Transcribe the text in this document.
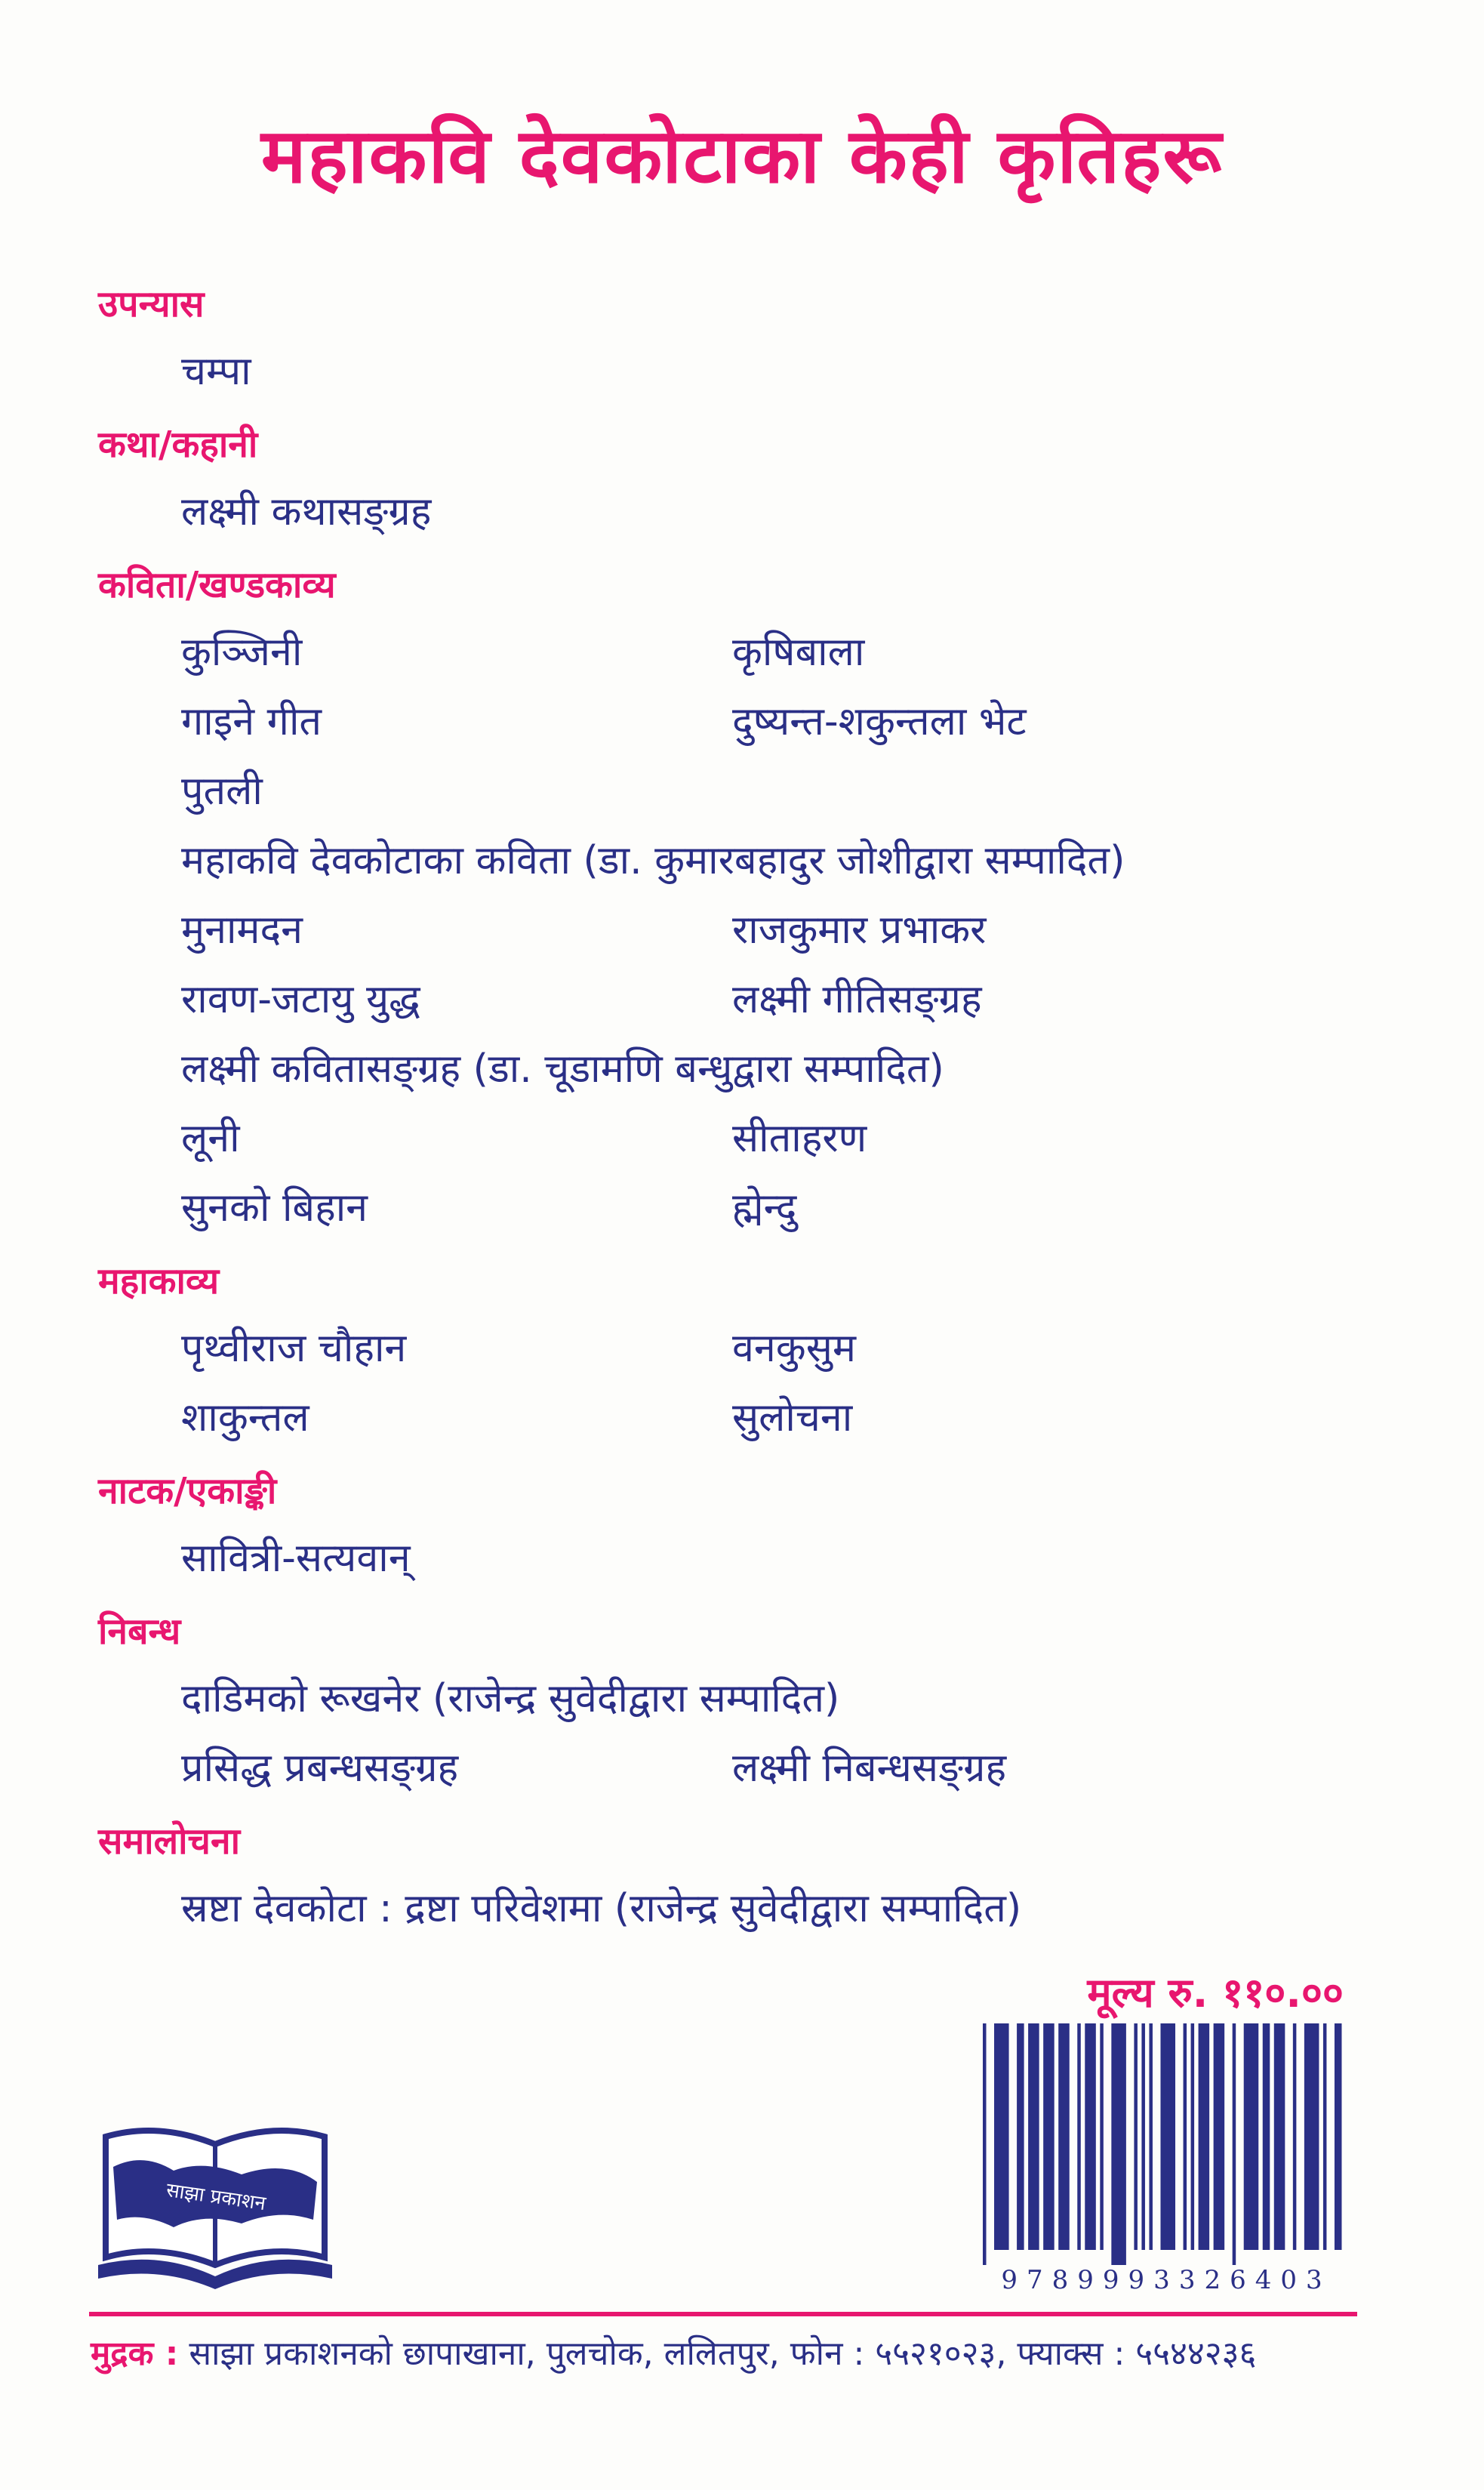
महाकवि देवकोटाका केही कृतिहरू
उपन्यास
चम्पा
कथा/कहानी
लक्ष्मी कथासङ्ग्रह
कविता/खण्डकाव्य
कुञ्जिनी	कृषिबाला
गाइने गीत	दुष्यन्त-शकुन्तला भेट
पुतली
महाकवि देवकोटाका कविता (डा. कुमारबहादुर जोशीद्वारा सम्पादित)
मुनामदन	राजकुमार प्रभाकर
रावण-जटायु युद्ध	लक्ष्मी गीतिसङ्ग्रह
लक्ष्मी कवितासङ्ग्रह (डा. चूडामणि बन्धुद्वारा सम्पादित)
लूनी	सीताहरण
सुनको बिहान	ह्मेन्दु
महाकाव्य
पृथ्वीराज चौहान	वनकुसुम
शाकुन्तल	सुलोचना
नाटक/एकाङ्की
सावित्री-सत्यवान्
निबन्ध
दाडिमको रूखनेर (राजेन्द्र सुवेदीद्वारा सम्पादित)
प्रसिद्ध प्रबन्धसङ्ग्रह	लक्ष्मी निबन्धसङ्ग्रह
समालोचना
स्रष्टा देवकोटा : द्रष्टा परिवेशमा (राजेन्द्र सुवेदीद्वारा सम्पादित)
मूल्य रु. ११०.००
9789993326403
साझा प्रकाशन
मुद्रक : साझा प्रकाशनको छापाखाना, पुलचोक, ललितपुर, फोन : ५५२१०२३, फ्याक्स : ५५४४२३६
